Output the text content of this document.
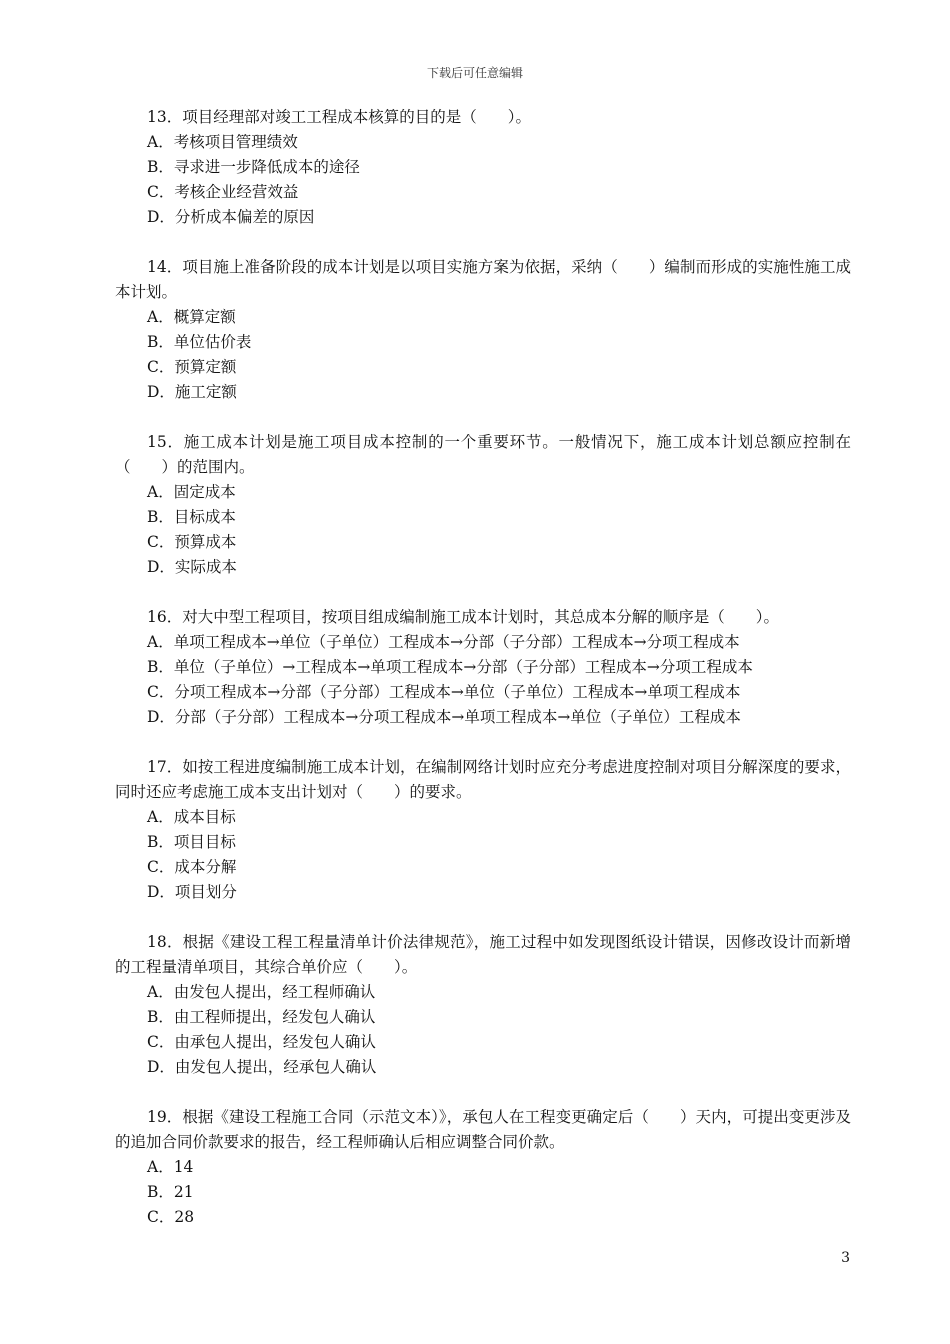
下载后可任意编辑
13．项目经理部对竣工工程成本核算的目的是（　　）。
A．考核项目管理绩效
B．寻求进一步降低成本的途径
C．考核企业经营效益
D．分析成本偏差的原因
14．项目施上准备阶段的成本计划是以项目实施方案为依据，采纳（　　）编制而形成的实施性施工成本计划。
A．概算定额
B．单位估价表
C．预算定额
D．施工定额
15．施工成本计划是施工项目成本控制的一个重要环节。一般情况下，施工成本计划总额应控制在（　　）的范围内。
A．固定成本
B．目标成本
C．预算成本
D．实际成本
16．对大中型工程项目，按项目组成编制施工成本计划时，其总成本分解的顺序是（　　）。
A．单项工程成本→单位（子单位）工程成本→分部（子分部）工程成本→分项工程成本
B．单位（子单位）→工程成本→单项工程成本→分部（子分部）工程成本→分项工程成本
C．分项工程成本→分部（子分部）工程成本→单位（子单位）工程成本→单项工程成本
D．分部（子分部）工程成本→分项工程成本→单项工程成本→单位（子单位）工程成本
17．如按工程进度编制施工成本计划，在编制网络计划时应充分考虑进度控制对项目分解深度的要求，同时还应考虑施工成本支出计划对（　　）的要求。
A．成本目标
B．项目目标
C．成本分解
D．项目划分
18．根据《建设工程工程量清单计价法律规范》，施工过程中如发现图纸设计错误，因修改设计而新增的工程量清单项目，其综合单价应（　　）。
A．由发包人提出，经工程师确认
B．由工程师提出，经发包人确认
C．由承包人提出，经发包人确认
D．由发包人提出，经承包人确认
19．根据《建设工程施工合同（示范文本）》，承包人在工程变更确定后（　　）天内，可提出变更涉及的追加合同价款要求的报告，经工程师确认后相应调整合同价款。
A．14
B．21
C．28
3
